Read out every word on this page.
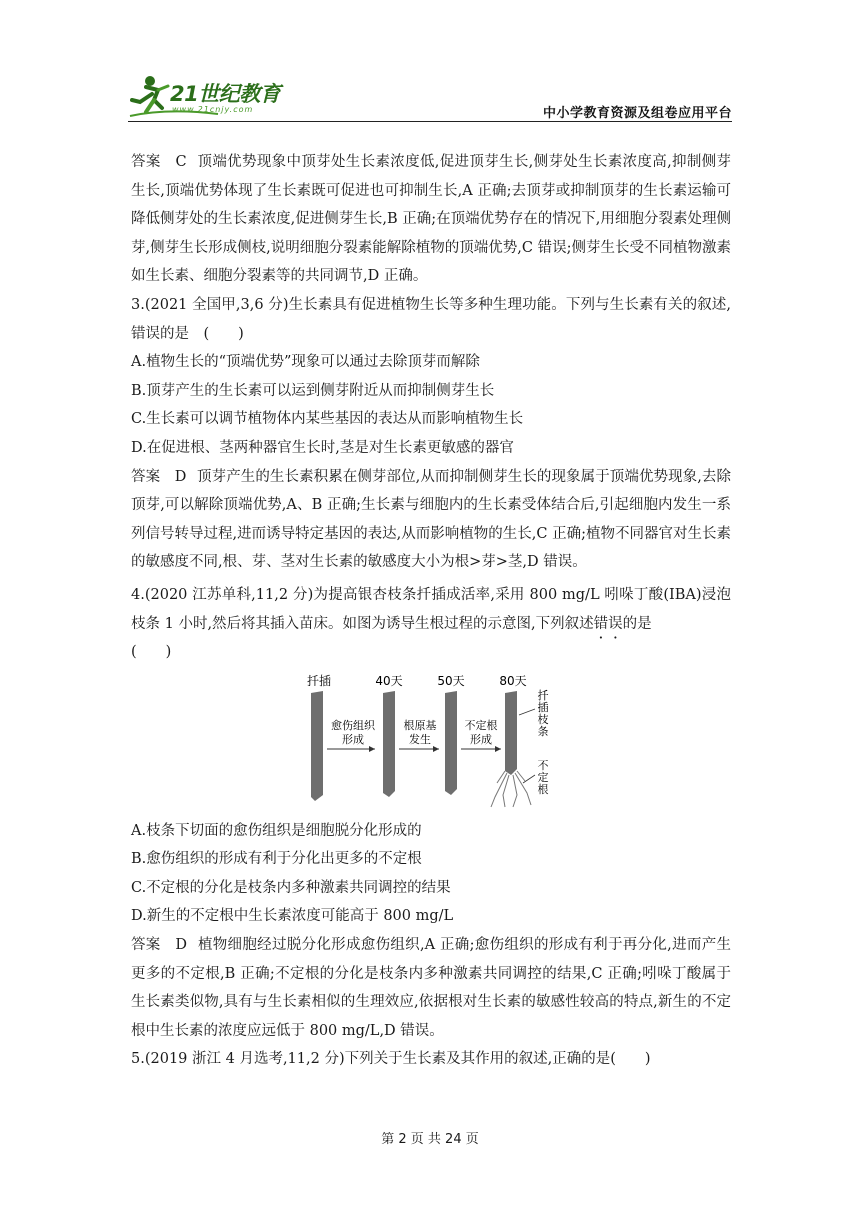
21世纪教育
www.21cnjy.com	中小学教育资源及组卷应用平台

答案　C 顶端优势现象中顶芽处生长素浓度低,促进顶芽生长,侧芽处生长素浓度高,抑制侧芽生长,顶端优势体现了生长素既可促进也可抑制生长,A 正确;去顶芽或抑制顶芽的生长素运输可降低侧芽处的生长素浓度,促进侧芽生长,B 正确;在顶端优势存在的情况下,用细胞分裂素处理侧芽,侧芽生长形成侧枝,说明细胞分裂素能解除植物的顶端优势,C 错误;侧芽生长受不同植物激素如生长素、细胞分裂素等的共同调节,D 正确。

3.(2021 全国甲,3,6 分)生长素具有促进植物生长等多种生理功能。下列与生长素有关的叙述,错误的是　(　　)

A.植物生长的“顶端优势”现象可以通过去除顶芽而解除

B.顶芽产生的生长素可以运到侧芽附近从而抑制侧芽生长

C.生长素可以调节植物体内某些基因的表达从而影响植物生长

D.在促进根、茎两种器官生长时,茎是对生长素更敏感的器官

答案　D 顶芽产生的生长素积累在侧芽部位,从而抑制侧芽生长的现象属于顶端优势现象,去除顶芽,可以解除顶端优势,A、B 正确;生长素与细胞内的生长素受体结合后,引起细胞内发生一系列信号转导过程,进而诱导特定基因的表达,从而影响植物的生长,C 正确;植物不同器官对生长素的敏感度不同,根、芽、茎对生长素的敏感度大小为根>芽>茎,D 错误。

4.(2020 江苏单科,11,2 分)为提高银杏枝条扦插成活率,采用 800 mg/L 吲哚丁酸(IBA)浸泡枝条 1 小时,然后将其插入苗床。如图为诱导生根过程的示意图,下列叙述错误的是

(　　)

扦插	40天	50天	80天
愈伤组织
形成
根原基
发生
不定根
形成
扦插枝条
不定根

A.枝条下切面的愈伤组织是细胞脱分化形成的

B.愈伤组织的形成有利于分化出更多的不定根

C.不定根的分化是枝条内多种激素共同调控的结果

D.新生的不定根中生长素浓度可能高于 800 mg/L

答案　D 植物细胞经过脱分化形成愈伤组织,A 正确;愈伤组织的形成有利于再分化,进而产生更多的不定根,B 正确;不定根的分化是枝条内多种激素共同调控的结果,C 正确;吲哚丁酸属于生长素类似物,具有与生长素相似的生理效应,依据根对生长素的敏感性较高的特点,新生的不定根中生长素的浓度应远低于 800 mg/L,D 错误。

5.(2019 浙江 4 月选考,11,2 分)下列关于生长素及其作用的叙述,正确的是(　　)

第 2 页 共 24 页
